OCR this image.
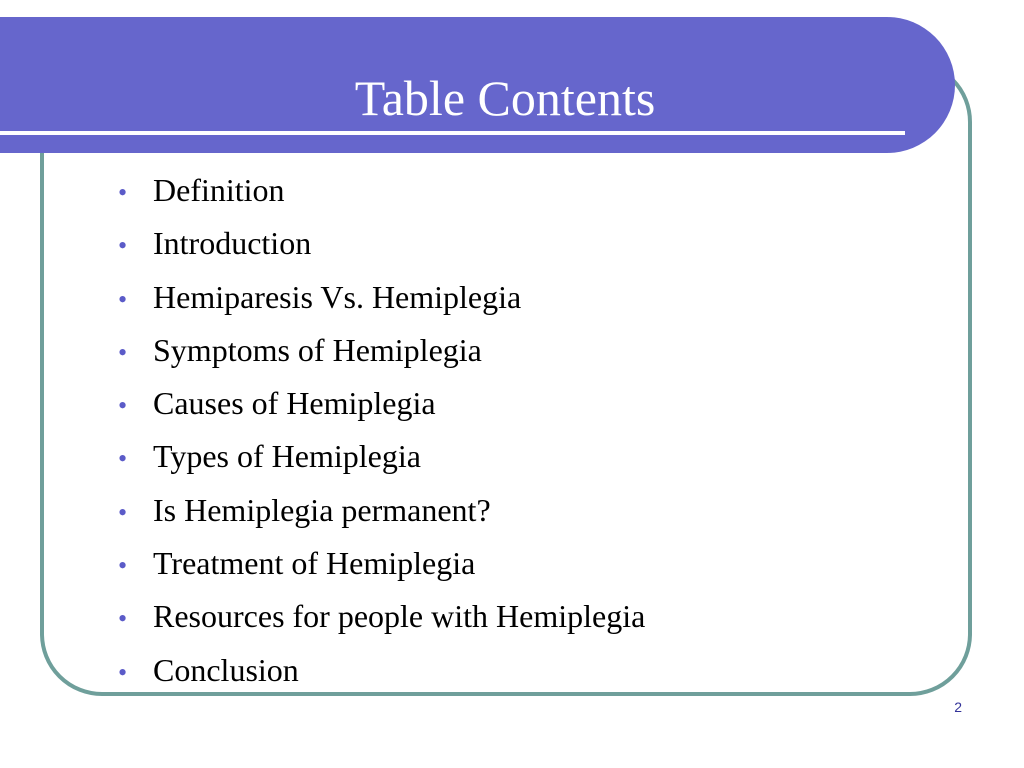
Table Contents
• Definition
• Introduction
• Hemiparesis Vs. Hemiplegia
• Symptoms of Hemiplegia
• Causes of Hemiplegia
• Types of Hemiplegia
• Is Hemiplegia permanent?
• Treatment of Hemiplegia
• Resources for people with Hemiplegia
• Conclusion
2
